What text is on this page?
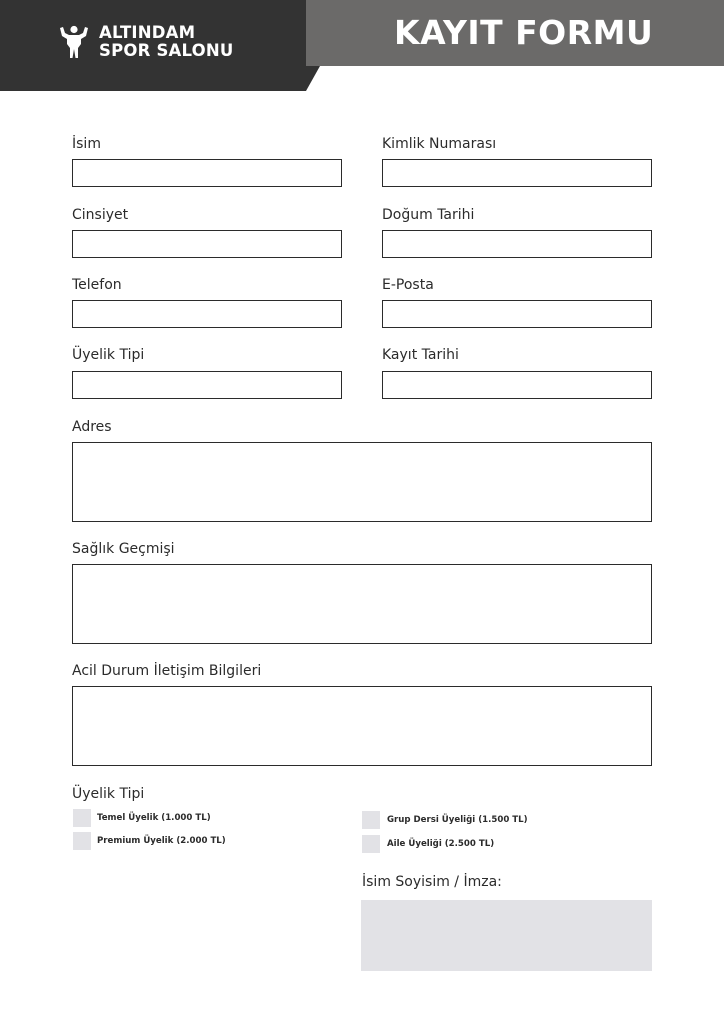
ALTINDAM
SPOR SALONU	KAYIT FORMU
İsim	Kimlik Numarası
Cinsiyet	Doğum Tarihi
Telefon	E-Posta
Üyelik Tipi	Kayıt Tarihi
Adres
Sağlık Geçmişi
Acil Durum İletişim Bilgileri
Üyelik Tipi
Temel Üyelik (1.000 TL)
Premium Üyelik (2.000 TL)
Grup Dersi Üyeliği (1.500 TL)
Aile Üyeliği (2.500 TL)
İsim Soyisim / İmza:
